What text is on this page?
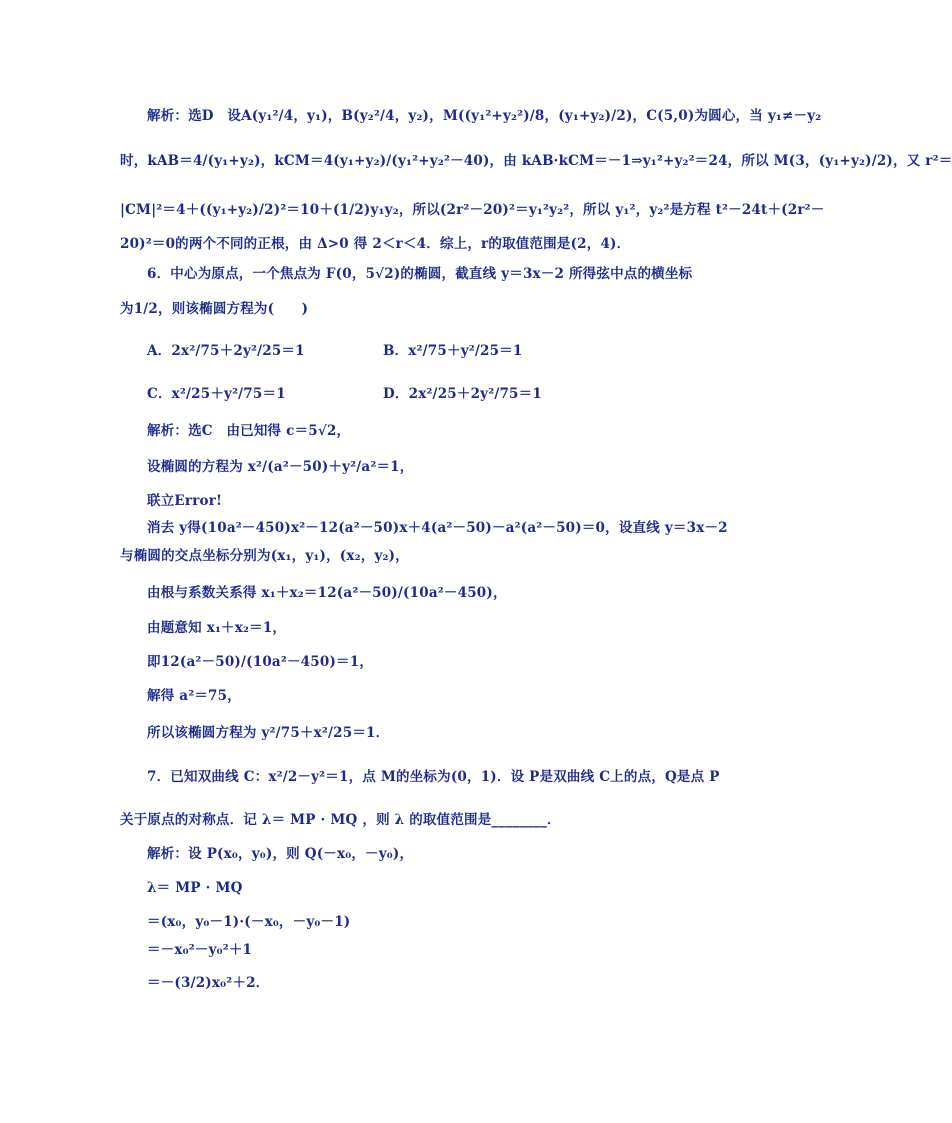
解析：选D　设A(y₁²/4，y₁)，B(y₂²/4，y₂)，M((y₁²+y₂²)/8，(y₁+y₂)/2)，C(5,0)为圆心，当 y₁≠－y₂
时，kAB＝4/(y₁+y₂)，kCM＝4(y₁+y₂)/(y₁²+y₂²－40)，由 kAB·kCM＝－1⇒y₁²+y₂²＝24，所以 M(3，(y₁+y₂)/2)，又 r²＝
|CM|²＝4＋((y₁+y₂)/2)²＝10＋(1/2)y₁y₂，所以(2r²－20)²＝y₁²y₂²，所以 y₁²，y₂²是方程 t²－24t＋(2r²－
20)²＝0的两个不同的正根，由 Δ>0 得 2＜r＜4．综上，r的取值范围是(2，4)．
6．中心为原点，一个焦点为 F(0，5√2)的椭圆，截直线 y＝3x－2 所得弦中点的横坐标
为1/2，则该椭圆方程为(　　)
A．2x²/75＋2y²/25＝1	B．x²/75＋y²/25＝1
C．x²/25＋y²/75＝1	D．2x²/25＋2y²/75＝1
解析：选C　由已知得 c＝5√2，
设椭圆的方程为 x²/(a²－50)＋y²/a²＝1，
联立Error!
消去 y得(10a²－450)x²－12(a²－50)x＋4(a²－50)－a²(a²－50)＝0，设直线 y＝3x－2
与椭圆的交点坐标分别为(x₁，y₁)，(x₂，y₂)，
由根与系数关系得 x₁＋x₂＝12(a²－50)/(10a²－450)，
由题意知 x₁＋x₂＝1，
即12(a²－50)/(10a²－450)＝1，
解得 a²＝75，
所以该椭圆方程为 y²/75＋x²/25＝1．
7．已知双曲线 C：x²/2－y²＝1，点 M的坐标为(0，1)．设 P是双曲线 C上的点，Q是点 P
关于原点的对称点．记 λ＝ MP · MQ ，则 λ 的取值范围是________．
解析：设 P(x₀，y₀)，则 Q(－x₀，－y₀)，
λ＝ MP · MQ
＝(x₀，y₀－1)·(－x₀，－y₀－1)
＝－x₀²－y₀²＋1
＝－(3/2)x₀²＋2．
